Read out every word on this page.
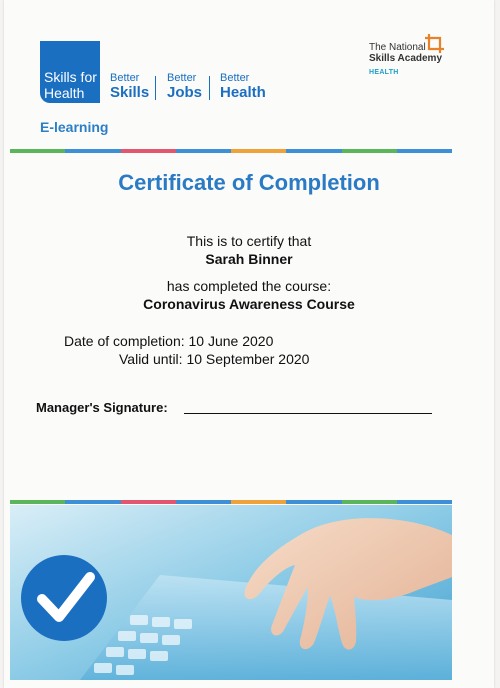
Skills for
Health
Better
Skills
Better
Jobs
Better
Health
E-learning
The National
Skills Academy
HEALTH
Certificate of Completion
This is to certify that
Sarah Binner
has completed the course:
Coronavirus Awareness Course
Date of completion: 10 June 2020
Valid until: 10 September 2020
Manager's Signature:
